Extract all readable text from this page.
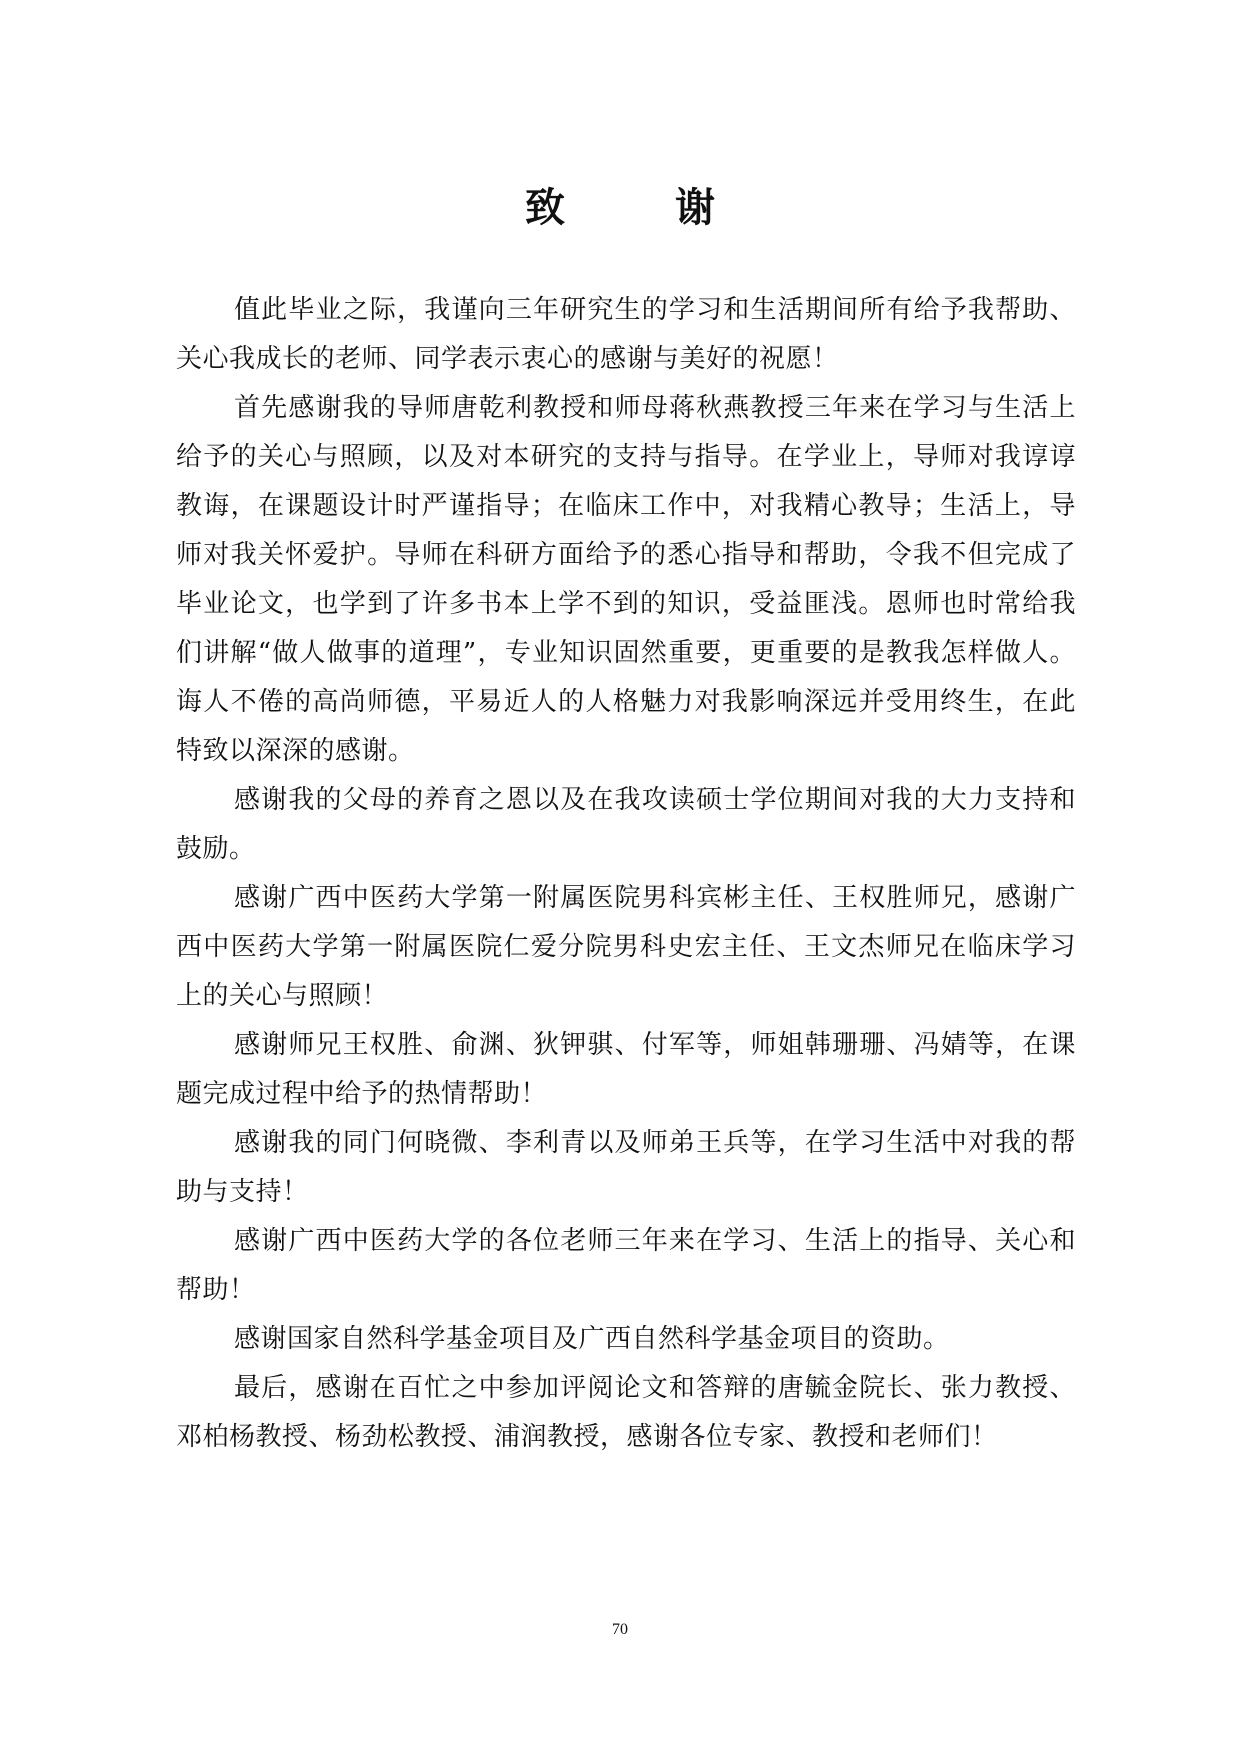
致 谢

值此毕业之际，我谨向三年研究生的学习和生活期间所有给予我帮助、关心我成长的老师、同学表示衷心的感谢与美好的祝愿！

首先感谢我的导师唐乾利教授和师母蒋秋燕教授三年来在学习与生活上给予的关心与照顾，以及对本研究的支持与指导。在学业上，导师对我谆谆教诲，在课题设计时严谨指导；在临床工作中，对我精心教导；生活上，导师对我关怀爱护。导师在科研方面给予的悉心指导和帮助，令我不但完成了毕业论文，也学到了许多书本上学不到的知识，受益匪浅。恩师也时常给我们讲解“做人做事的道理”，专业知识固然重要，更重要的是教我怎样做人。诲人不倦的高尚师德，平易近人的人格魅力对我影响深远并受用终生，在此特致以深深的感谢。

感谢我的父母的养育之恩以及在我攻读硕士学位期间对我的大力支持和鼓励。

感谢广西中医药大学第一附属医院男科宾彬主任、王权胜师兄，感谢广西中医药大学第一附属医院仁爱分院男科史宏主任、王文杰师兄在临床学习上的关心与照顾！

感谢师兄王权胜、俞渊、狄钾骐、付军等，师姐韩珊珊、冯婧等，在课题完成过程中给予的热情帮助！

感谢我的同门何晓微、李利青以及师弟王兵等，在学习生活中对我的帮助与支持！

感谢广西中医药大学的各位老师三年来在学习、生活上的指导、关心和帮助！

感谢国家自然科学基金项目及广西自然科学基金项目的资助。

最后，感谢在百忙之中参加评阅论文和答辩的唐毓金院长、张力教授、邓柏杨教授、杨劲松教授、浦润教授，感谢各位专家、教授和老师们！

70
